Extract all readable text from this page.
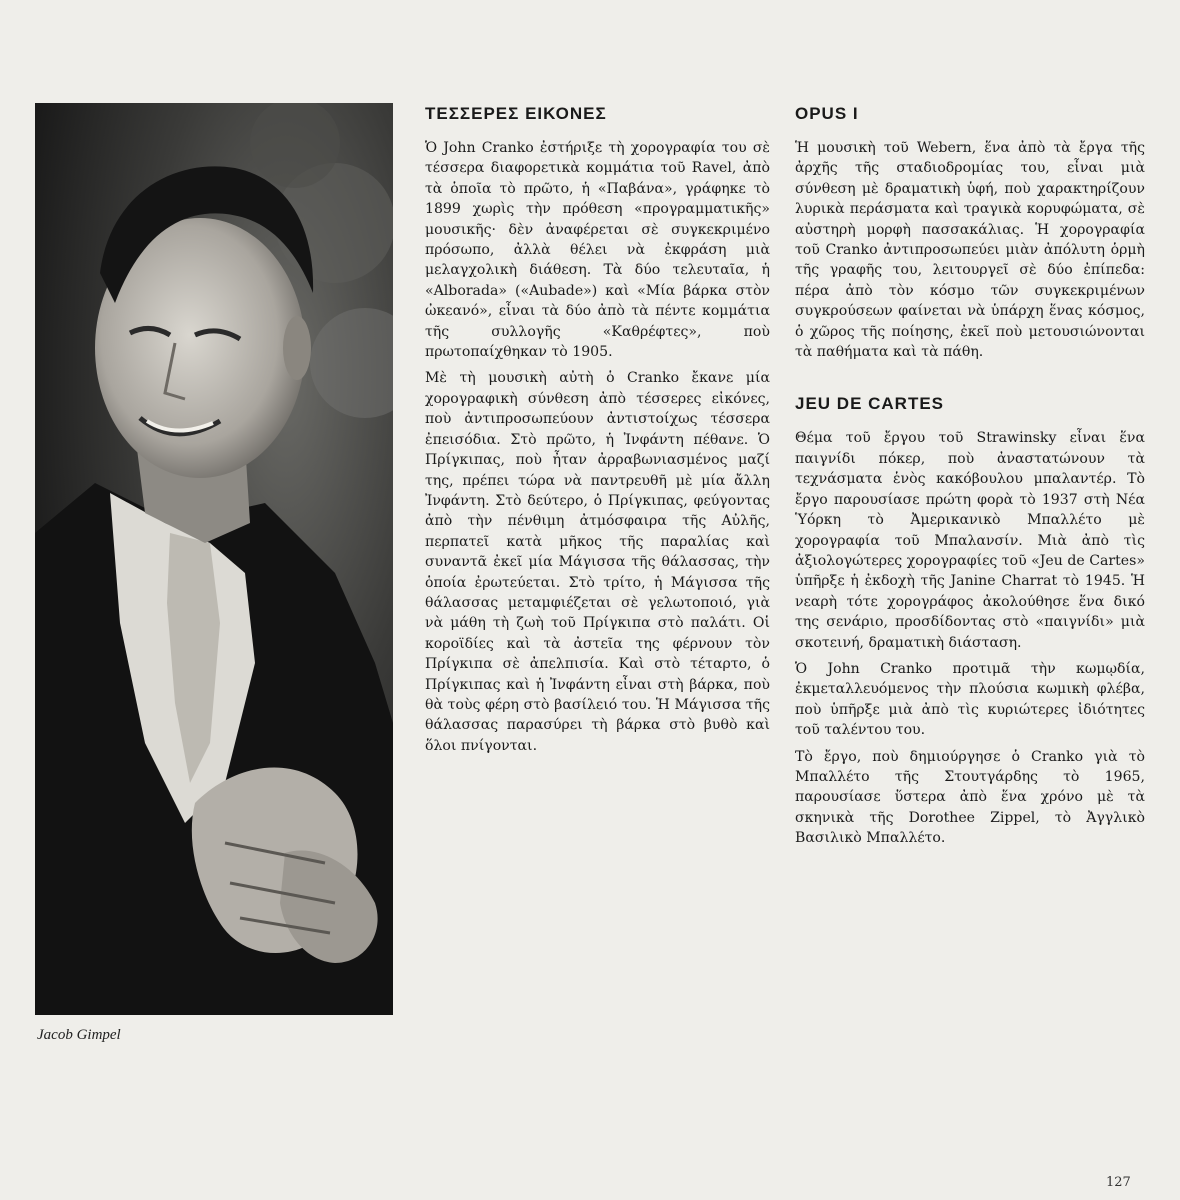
Jacob Gimpel
ΤΕΣΣΕΡΕΣ ΕΙΚΟΝΕΣ

Ὁ John Cranko ἐστήριξε τὴ χορογραφία του σὲ τέσσερα διαφορετικὰ κομμάτια τοῦ Ravel, ἀπὸ τὰ ὁποῖα τὸ πρῶτο, ἡ «Παβάνα», γράφηκε τὸ 1899 χωρὶς τὴν πρόθεση «προγραμματικῆς» μουσικῆς· δὲν ἀναφέρεται σὲ συγκεκριμένο πρόσωπο, ἀλλὰ θέλει νὰ ἐκφράση μιὰ μελαγχολικὴ διάθεση. Τὰ δύο τελευταῖα, ἡ «Alborada» («Aubade») καὶ «Μία βάρκα στὸν ὠκεανό», εἶναι τὰ δύο ἀπὸ τὰ πέντε κομμάτια τῆς συλλογῆς «Καθρέφτες», ποὺ πρωτοπαίχθηκαν τὸ 1905.

Μὲ τὴ μουσικὴ αὐτὴ ὁ Cranko ἔκανε μία χορογραφικὴ σύνθεση ἀπὸ τέσσερες εἰκόνες, ποὺ ἀντιπροσωπεύουν ἀντιστοίχως τέσσερα ἐπεισόδια. Στὸ πρῶτο, ἡ Ἰνφάντη πέθανε. Ὁ Πρίγκιπας, ποὺ ἦταν ἀρραβωνιασμένος μαζί της, πρέπει τώρα νὰ παντρευθῆ μὲ μία ἄλλη Ἰνφάντη. Στὸ δεύτερο, ὁ Πρίγκιπας, φεύγοντας ἀπὸ τὴν πένθιμη ἀτμόσφαιρα τῆς Αὐλῆς, περπατεῖ κατὰ μῆκος τῆς παραλίας καὶ συναντᾶ ἐκεῖ μία Μάγισσα τῆς θάλασσας, τὴν ὁποία ἐρωτεύεται. Στὸ τρίτο, ἡ Μάγισσα τῆς θάλασσας μεταμφιέζεται σὲ γελωτοποιό, γιὰ νὰ μάθη τὴ ζωὴ τοῦ Πρίγκιπα στὸ παλάτι. Οἱ κοροϊδίες καὶ τὰ ἀστεῖα της φέρνουν τὸν Πρίγκιπα σὲ ἀπελπισία. Καὶ στὸ τέταρτο, ὁ Πρίγκιπας καὶ ἡ Ἰνφάντη εἶναι στὴ βάρκα, ποὺ θὰ τοὺς φέρη στὸ βασίλειό του. Ἡ Μάγισσα τῆς θάλασσας παρασύρει τὴ βάρκα στὸ βυθὸ καὶ ὅλοι πνίγονται.

OPUS I

Ἡ μουσικὴ τοῦ Webern, ἕνα ἀπὸ τὰ ἔργα τῆς ἀρχῆς τῆς σταδιοδρομίας του, εἶναι μιὰ σύνθεση μὲ δραματικὴ ὑφή, ποὺ χαρακτηρίζουν λυρικὰ περάσματα καὶ τραγικὰ κορυφώματα, σὲ αὐστηρὴ μορφὴ πασσακάλιας. Ἡ χορογραφία τοῦ Cranko ἀντιπροσωπεύει μιὰν ἀπόλυτη ὁρμὴ τῆς γραφῆς του, λειτουργεῖ σὲ δύο ἐπίπεδα: πέρα ἀπὸ τὸν κόσμο τῶν συγκεκριμένων συγκρούσεων φαίνεται νὰ ὑπάρχη ἕνας κόσμος, ὁ χῶρος τῆς ποίησης, ἐκεῖ ποὺ μετουσιώνονται τὰ παθήματα καὶ τὰ πάθη.

JEU DE CARTES

Θέμα τοῦ ἔργου τοῦ Strawinsky εἶναι ἕνα παιγνίδι πόκερ, ποὺ ἀναστατώνουν τὰ τεχνάσματα ἑνὸς κακόβουλου μπαλαντέρ. Τὸ ἔργο παρουσίασε πρώτη φορὰ τὸ 1937 στὴ Νέα Ὑόρκη τὸ Ἀμερικανικὸ Μπαλλέτο μὲ χορογραφία τοῦ Μπαλανσίν. Μιὰ ἀπὸ τὶς ἀξιολογώτερες χορογραφίες τοῦ «Jeu de Cartes» ὑπῆρξε ἡ ἐκδοχὴ τῆς Janine Charrat τὸ 1945. Ἡ νεαρὴ τότε χορογράφος ἀκολούθησε ἕνα δικό της σενάριο, προσδίδοντας στὸ «παιγνίδι» μιὰ σκοτεινή, δραματικὴ διάσταση.

Ὁ John Cranko προτιμᾶ τὴν κωμῳδία, ἐκμεταλλευόμενος τὴν πλούσια κωμικὴ φλέβα, ποὺ ὑπῆρξε μιὰ ἀπὸ τὶς κυριώτερες ἰδιότητες τοῦ ταλέντου του.

Τὸ ἔργο, ποὺ δημιούργησε ὁ Cranko γιὰ τὸ Μπαλλέτο τῆς Στουτγάρδης τὸ 1965, παρουσίασε ὕστερα ἀπὸ ἕνα χρόνο μὲ τὰ σκηνικὰ τῆς Dorothee Zippel, τὸ Ἀγγλικὸ Βασιλικὸ Μπαλλέτο.

127
